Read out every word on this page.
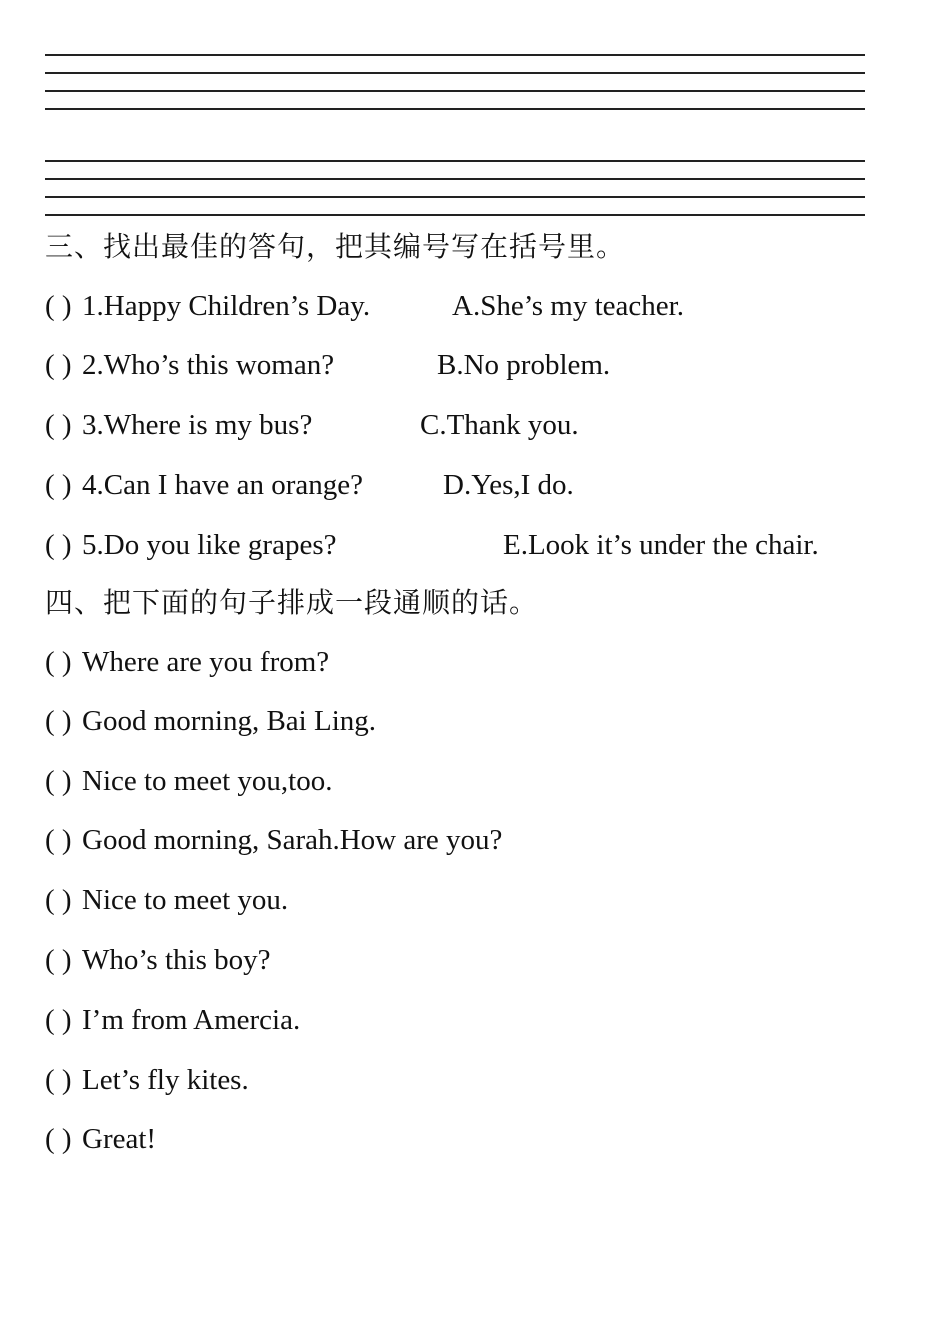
三、找出最佳的答句，把其编号写在括号里。
( ) 1.Happy Children’s Day.	A.She’s my teacher.
( ) 2.Who’s this woman?	B.No problem.
( ) 3.Where is my bus?	C.Thank you.
( ) 4.Can I have an orange?	D.Yes,I do.
( ) 5.Do you like grapes?	E.Look it’s under the chair.
四、把下面的句子排成一段通顺的话。
( ) Where are you from?
( ) Good morning, Bai Ling.
( ) Nice to meet you,too.
( ) Good morning, Sarah.How are you?
( ) Nice to meet you.
( ) Who’s this boy?
( ) I’m from Amercia.
( ) Let’s fly kites.
( ) Great!
